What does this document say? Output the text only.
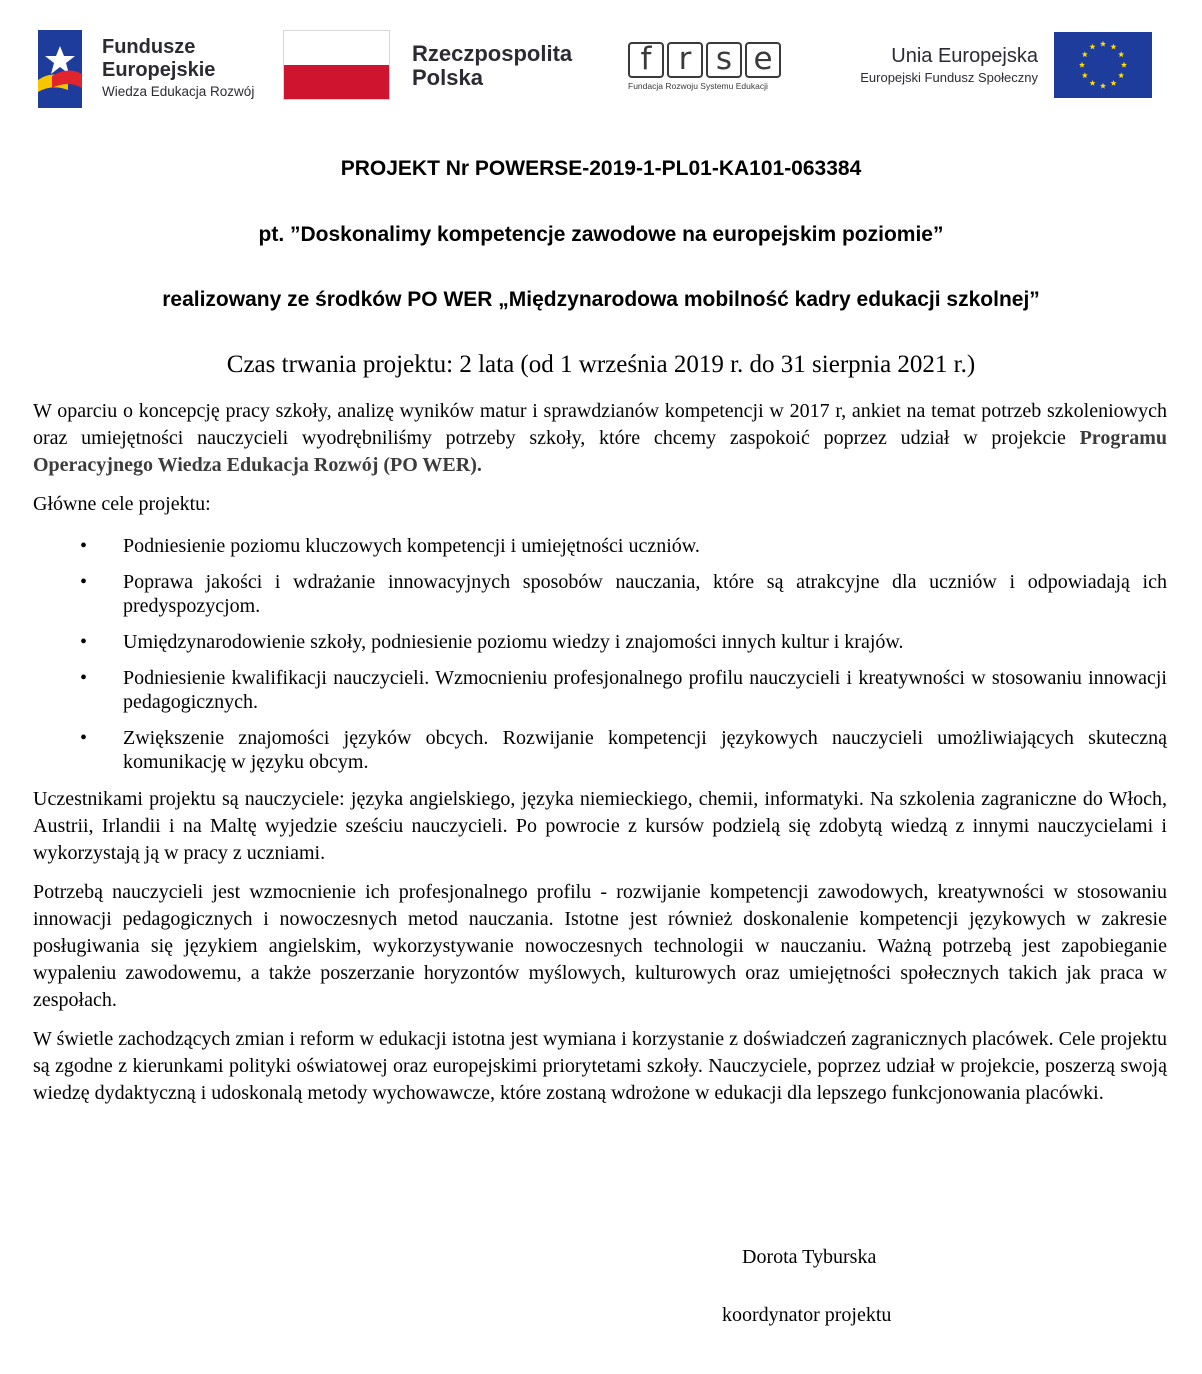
Fundusze
Europejskie
Wiedza Edukacja Rozwój
Rzeczpospolita
Polska
f r s e
Fundacja Rozwoju Systemu Edukacji
Unia Europejska
Europejski Fundusz Społeczny
PROJEKT Nr POWERSE-2019-1-PL01-KA101-063384
pt. ”Doskonalimy kompetencje zawodowe na europejskim poziomie”
realizowany ze środków PO WER „Międzynarodowa mobilność kadry edukacji szkolnej”

Czas trwania projektu: 2 lata (od 1 września 2019 r. do 31 sierpnia 2021 r.)

W oparciu o koncepcję pracy szkoły, analizę wyników matur i sprawdzianów kompetencji w 2017 r, ankiet na temat potrzeb szkoleniowych oraz umiejętności nauczycieli wyodrębniliśmy potrzeby szkoły, które chcemy zaspokoić poprzez udział w projekcie Programu Operacyjnego Wiedza Edukacja Rozwój (PO WER).

Główne cele projektu:

• Podniesienie poziomu kluczowych kompetencji i umiejętności uczniów.
• Poprawa jakości i wdrażanie innowacyjnych sposobów nauczania, które są atrakcyjne dla uczniów i odpowiadają ich predyspozycjom.
• Umiędzynarodowienie szkoły, podniesienie poziomu wiedzy i znajomości innych kultur i krajów.
• Podniesienie kwalifikacji nauczycieli. Wzmocnieniu profesjonalnego profilu nauczycieli i kreatywności w stosowaniu innowacji pedagogicznych.
• Zwiększenie znajomości języków obcych. Rozwijanie kompetencji językowych nauczycieli umożliwiających skuteczną komunikację w języku obcym.

Uczestnikami projektu są nauczyciele: języka angielskiego, języka niemieckiego, chemii, informatyki. Na szkolenia zagraniczne do Włoch, Austrii, Irlandii i na Maltę wyjedzie sześciu nauczycieli. Po powrocie z kursów podzielą się zdobytą wiedzą z innymi nauczycielami i wykorzystają ją w pracy z uczniami.

Potrzebą nauczycieli jest wzmocnienie ich profesjonalnego profilu - rozwijanie kompetencji zawodowych, kreatywności w stosowaniu innowacji pedagogicznych i nowoczesnych metod nauczania. Istotne jest również doskonalenie kompetencji językowych w zakresie posługiwania się językiem angielskim, wykorzystywanie nowoczesnych technologii w nauczaniu. Ważną potrzebą jest zapobieganie wypaleniu zawodowemu, a także poszerzanie horyzontów myślowych, kulturowych oraz umiejętności społecznych takich jak praca w zespołach.

W świetle zachodzących zmian i reform w edukacji istotna jest wymiana i korzystanie z doświadczeń zagranicznych placówek. Cele projektu są zgodne z kierunkami polityki oświatowej oraz europejskimi priorytetami szkoły. Nauczyciele, poprzez udział w projekcie, poszerzą swoją wiedzę dydaktyczną i udoskonalą metody wychowawcze, które zostaną wdrożone w edukacji dla lepszego funkcjonowania placówki.

Dorota Tyburska

koordynator projektu
